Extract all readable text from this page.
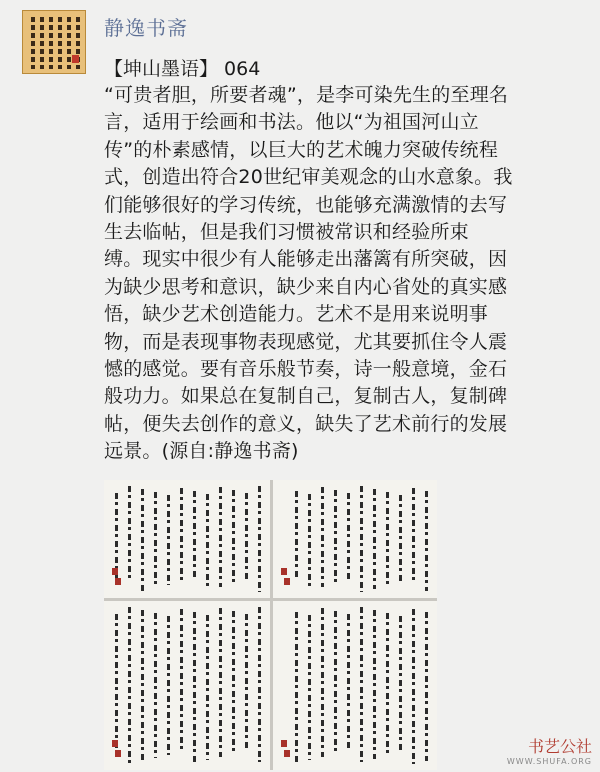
静逸书斋
【坤山墨语】 064
“可贵者胆，所要者魂”，是李可染先生的至理名
言，适用于绘画和书法。他以“为祖国河山立
传”的朴素感情，以巨大的艺术魄力突破传统程
式，创造出符合20世纪审美观念的山水意象。我
们能够很好的学习传统，也能够充满激情的去写
生去临帖，但是我们习惯被常识和经验所束
缚。现实中很少有人能够走出藩篱有所突破，因
为缺少思考和意识，缺少来自内心省处的真实感
悟，缺少艺术创造能力。艺术不是用来说明事
物，而是表现事物表现感觉，尤其要抓住令人震
憾的感觉。要有音乐般节奏，诗一般意境，金石
般功力。如果总在复制自己，复制古人，复制碑
帖，便失去创作的意义，缺失了艺术前行的发展
远景。(源自:静逸书斋)
书艺公社
WWW.SHUFA.ORG
